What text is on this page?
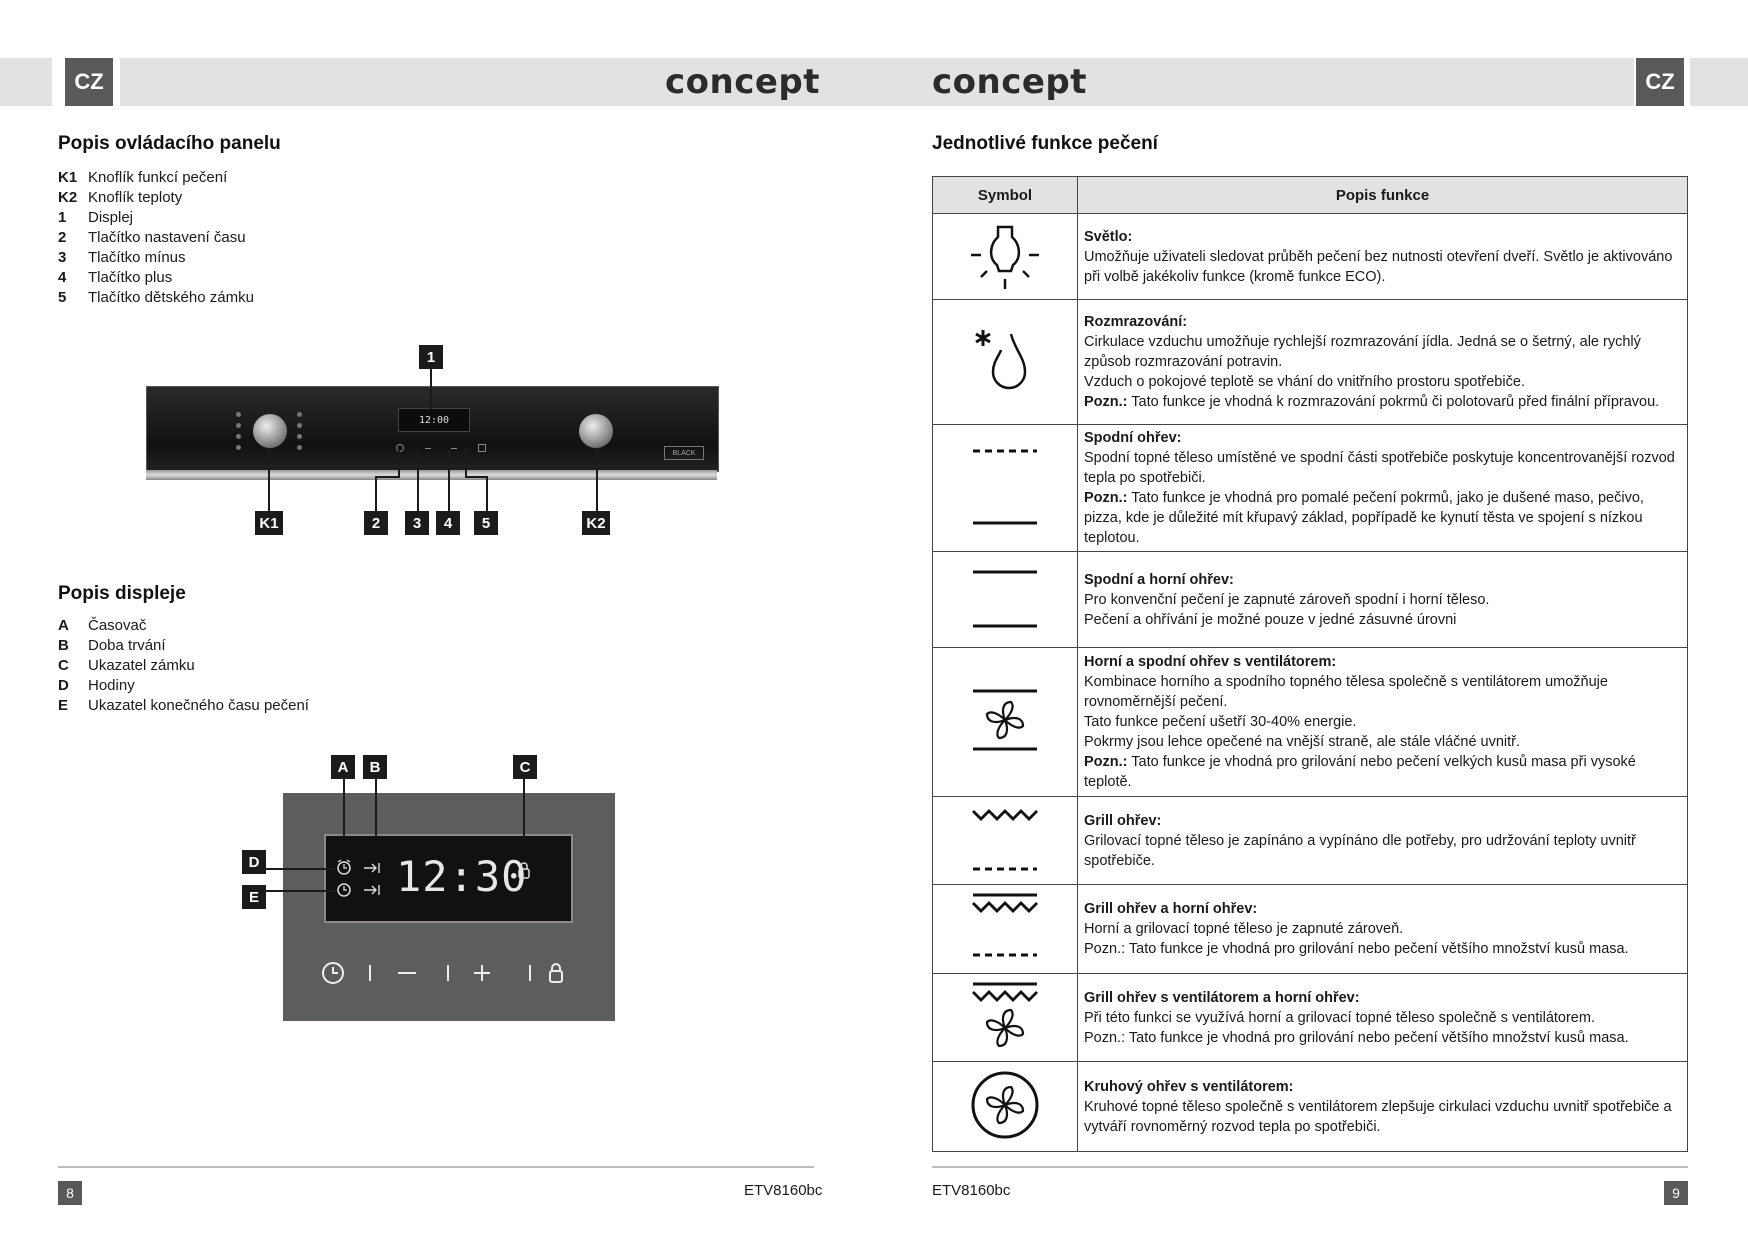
CZ	concept
Popis ovládacího panelu
K1 Knoflík funkcí pečení
K2 Knoflík teploty
1	Displej
2	Tlačítko nastavení času
3	Tlačítko mínus
4	Tlačítko plus
5	Tlačítko dětského zámku
12:00
BLACK
1
K1	2	3	4	5	K2
Popis displeje
A	Časovač
B	Doba trvání
C	Ukazatel zámku
D	Hodiny
E	Ukazatel konečného času pečení
12:30
A	B	C
D
E
8	ETV8160bc
concept	CZ
Jednotlivé funkce pečení
Symbol	Popis funkce

Světlo:

Umožňuje uživateli sledovat průběh pečení bez nutnosti otevření dveří. Světlo je aktivováno při volbě jakékoliv funkce (kromě funkce ECO).

Rozmrazování:

Cirkulace vzduchu umožňuje rychlejší rozmrazování jídla. Jedná se o šetrný, ale rychlý způsob rozmrazování potravin.

Vzduch o pokojové teplotě se vhání do vnitřního prostoru spotřebiče.

Pozn.: Tato funkce je vhodná k rozmrazování pokrmů či polotovarů před finální přípravou.

Spodní ohřev:

Spodní topné těleso umístěné ve spodní části spotřebiče poskytuje koncentrovanější rozvod tepla po spotřebiči.

Pozn.: Tato funkce je vhodná pro pomalé pečení pokrmů, jako je dušené maso, pečivo, pizza, kde je důležité mít křupavý základ, popřípadě ke kynutí těsta ve spojení s nízkou teplotou.

Spodní a horní ohřev:

Pro konvenční pečení je zapnuté zároveň spodní i horní těleso.

Pečení a ohřívání je možné pouze v jedné zásuvné úrovni

Horní a spodní ohřev s ventilátorem:

Kombinace horního a spodního topného tělesa společně s ventilátorem umožňuje rovnoměrnější pečení.

Tato funkce pečení ušetří 30-40% energie.

Pokrmy jsou lehce opečené na vnější straně, ale stále vláčné uvnitř.

Pozn.: Tato funkce je vhodná pro grilování nebo pečení velkých kusů masa při vysoké teplotě.

Grill ohřev:

Grilovací topné těleso je zapínáno a vypínáno dle potřeby, pro udržování teploty uvnitř spotřebiče.

Grill ohřev a horní ohřev:

Horní a grilovací topné těleso je zapnuté zároveň.

Pozn.: Tato funkce je vhodná pro grilování nebo pečení většího množství kusů masa.

Grill ohřev s ventilátorem a horní ohřev:

Při této funkci se využívá horní a grilovací topné těleso společně s ventilátorem.

Pozn.: Tato funkce je vhodná pro grilování nebo pečení většího množství kusů masa.

Kruhový ohřev s ventilátorem:

Kruhové topné těleso společně s ventilátorem zlepšuje cirkulaci vzduchu uvnitř spotřebiče a vytváří rovnoměrný rozvod tepla po spotřebiči.

ETV8160bc	9
